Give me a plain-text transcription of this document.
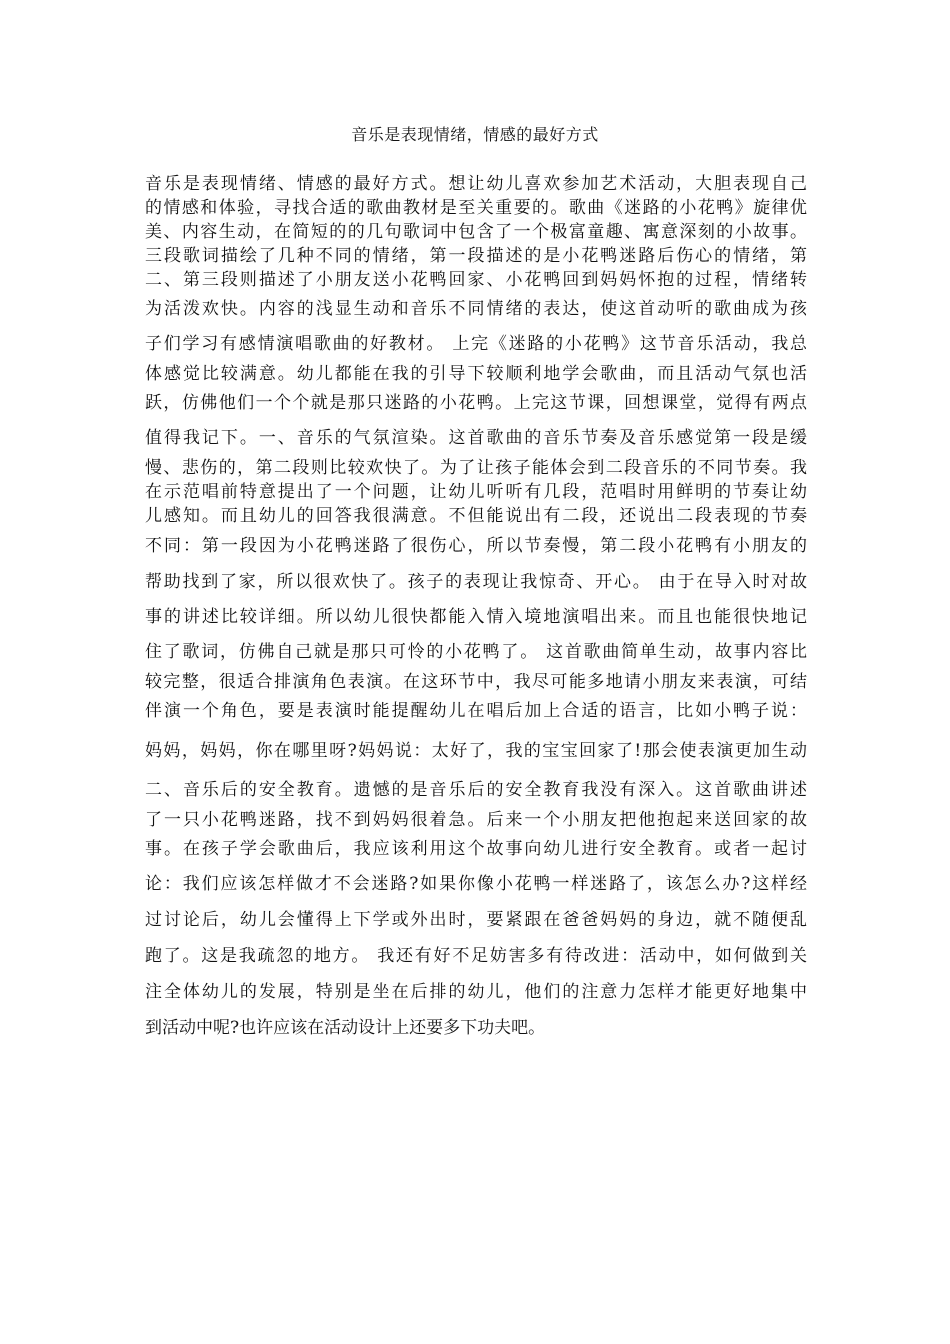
音乐是表现情绪，情感的最好方式
音乐是表现情绪、情感的最好方式。想让幼儿喜欢参加艺术活动，大胆表现自己
的情感和体验，寻找合适的歌曲教材是至关重要的。歌曲《迷路的小花鸭》旋律优
美、内容生动，在简短的的几句歌词中包含了一个极富童趣、寓意深刻的小故事。
三段歌词描绘了几种不同的情绪，第一段描述的是小花鸭迷路后伤心的情绪，第
二、第三段则描述了小朋友送小花鸭回家、小花鸭回到妈妈怀抱的过程，情绪转
为活泼欢快。内容的浅显生动和音乐不同情绪的表达，使这首动听的歌曲成为孩
子们学习有感情演唱歌曲的好教材。 上完《迷路的小花鸭》这节音乐活动，我总
体感觉比较满意。幼儿都能在我的引导下较顺利地学会歌曲，而且活动气氛也活
跃，仿佛他们一个个就是那只迷路的小花鸭。上完这节课，回想课堂，觉得有两点
值得我记下。一、音乐的气氛渲染。这首歌曲的音乐节奏及音乐感觉第一段是缓
慢、悲伤的，第二段则比较欢快了。为了让孩子能体会到二段音乐的不同节奏。我
在示范唱前特意提出了一个问题，让幼儿听听有几段，范唱时用鲜明的节奏让幼
儿感知。而且幼儿的回答我很满意。不但能说出有二段，还说出二段表现的节奏
不同：第一段因为小花鸭迷路了很伤心，所以节奏慢，第二段小花鸭有小朋友的
帮助找到了家，所以很欢快了。孩子的表现让我惊奇、开心。 由于在导入时对故
事的讲述比较详细。所以幼儿很快都能入情入境地演唱出来。而且也能很快地记
住了歌词，仿佛自己就是那只可怜的小花鸭了。 这首歌曲简单生动，故事内容比
较完整，很适合排演角色表演。在这环节中，我尽可能多地请小朋友来表演，可结
伴演一个角色，要是表演时能提醒幼儿在唱后加上合适的语言，比如小鸭子说：
妈妈，妈妈，你在哪里呀?妈妈说：太好了，我的宝宝回家了!那会使表演更加生动
二、音乐后的安全教育。遗憾的是音乐后的安全教育我没有深入。这首歌曲讲述
了一只小花鸭迷路，找不到妈妈很着急。后来一个小朋友把他抱起来送回家的故
事。在孩子学会歌曲后，我应该利用这个故事向幼儿进行安全教育。或者一起讨
论：我们应该怎样做才不会迷路?如果你像小花鸭一样迷路了，该怎么办?这样经
过讨论后，幼儿会懂得上下学或外出时，要紧跟在爸爸妈妈的身边，就不随便乱
跑了。这是我疏忽的地方。 我还有好不足妨害多有待改进：活动中，如何做到关
注全体幼儿的发展，特别是坐在后排的幼儿，他们的注意力怎样才能更好地集中
到活动中呢?也许应该在活动设计上还要多下功夫吧。
